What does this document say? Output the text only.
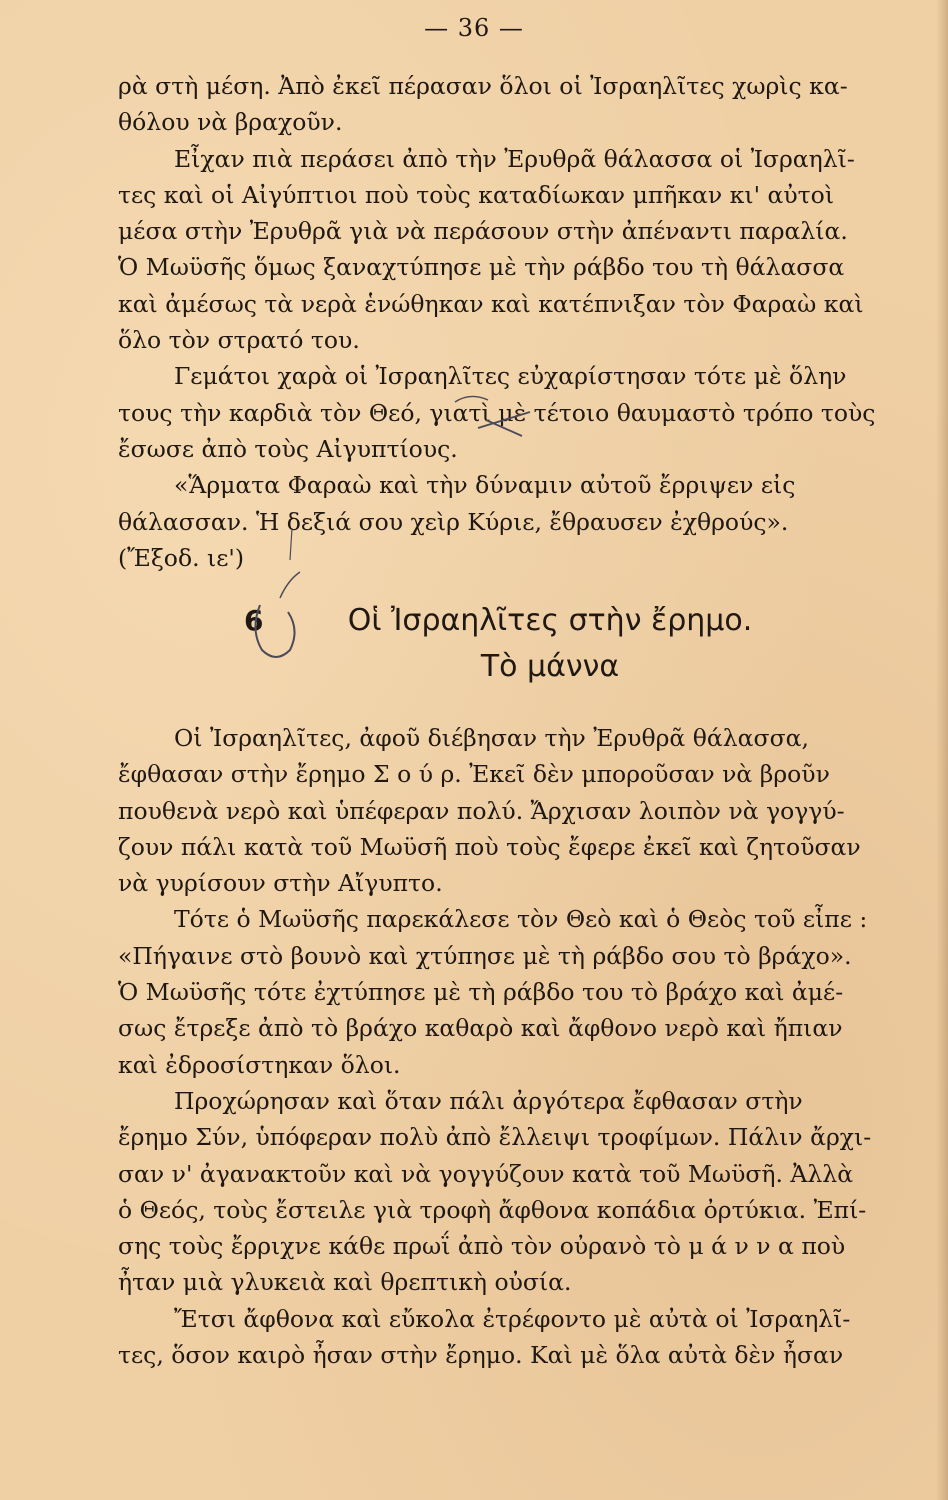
— 36 —
ρὰ στὴ μέση. Ἀπὸ ἐκεῖ πέρασαν ὅλοι οἱ Ἰσραηλῖτες χωρὶς κα-
θόλου νὰ βραχοῦν.
Εἶχαν πιὰ περάσει ἀπὸ τὴν Ἐρυθρᾶ θάλασσα οἱ Ἰσραηλῖ-
τες καὶ οἱ Αἰγύπτιοι ποὺ τοὺς καταδίωκαν μπῆκαν κι' αὐτοὶ
μέσα στὴν Ἐρυθρᾶ γιὰ νὰ περάσουν στὴν ἀπέναντι παραλία.
Ὁ Μωϋσῆς ὅμως ξαναχτύπησε μὲ τὴν ράβδο του τὴ θάλασσα
καὶ ἀμέσως τὰ νερὰ ἑνώθηκαν καὶ κατέπνιξαν τὸν Φαραὼ καὶ
ὅλο τὸν στρατό του.
Γεμάτοι χαρὰ οἱ Ἰσραηλῖτες εὐχαρίστησαν τότε μὲ ὅλην
τους τὴν καρδιὰ τὸν Θεό, γιατὶ μὲ τέτοιο θαυμαστὸ τρόπο τοὺς
ἔσωσε ἀπὸ τοὺς Αἰγυπτίους.
«Ἅρματα Φαραὼ καὶ τὴν δύναμιν αὐτοῦ ἔρριψεν εἰς
θάλασσαν. Ἡ δεξιά σου χεὶρ Κύριε, ἔθραυσεν ἐχθρούς».
(Ἔξοδ. ιε')
6	Οἱ Ἰσραηλῖτες στὴν ἔρημο.
Τὸ μάννα
Οἱ Ἰσραηλῖτες, ἀφοῦ διέβησαν τὴν Ἐρυθρᾶ θάλασσα,
ἔφθασαν στὴν ἔρημο Σ ο ύ ρ. Ἐκεῖ δὲν μποροῦσαν νὰ βροῦν
πουθενὰ νερὸ καὶ ὑπέφεραν πολύ. Ἄρχισαν λοιπὸν νὰ γογγύ-
ζουν πάλι κατὰ τοῦ Μωϋσῆ ποὺ τοὺς ἔφερε ἐκεῖ καὶ ζητοῦσαν
νὰ γυρίσουν στὴν Αἴγυπτο.
Τότε ὁ Μωϋσῆς παρεκάλεσε τὸν Θεὸ καὶ ὁ Θεὸς τοῦ εἶπε :
«Πήγαινε στὸ βουνὸ καὶ χτύπησε μὲ τὴ ράβδο σου τὸ βράχο».
Ὁ Μωϋσῆς τότε ἐχτύπησε μὲ τὴ ράβδο του τὸ βράχο καὶ ἀμέ-
σως ἔτρεξε ἀπὸ τὸ βράχο καθαρὸ καὶ ἄφθονο νερὸ καὶ ἤπιαν
καὶ ἐδροσίστηκαν ὅλοι.
Προχώρησαν καὶ ὅταν πάλι ἀργότερα ἔφθασαν στὴν
ἔρημο Σύν, ὑπόφεραν πολὺ ἀπὸ ἔλλειψι τροφίμων. Πάλιν ἄρχι-
σαν ν' ἀγανακτοῦν καὶ νὰ γογγύζουν κατὰ τοῦ Μωϋσῆ. Ἀλλὰ
ὁ Θεός, τοὺς ἔστειλε γιὰ τροφὴ ἄφθονα κοπάδια ὀρτύκια. Ἐπί-
σης τοὺς ἔρριχνε κάθε πρωΐ ἀπὸ τὸν οὐρανὸ τὸ μ ά ν ν α ποὺ
ἦταν μιὰ γλυκειὰ καὶ θρεπτικὴ οὐσία.
Ἔτσι ἄφθονα καὶ εὔκολα ἐτρέφοντο μὲ αὐτὰ οἱ Ἰσραηλῖ-
τες, ὅσον καιρὸ ἦσαν στὴν ἔρημο. Καὶ μὲ ὅλα αὐτὰ δὲν ἦσαν
